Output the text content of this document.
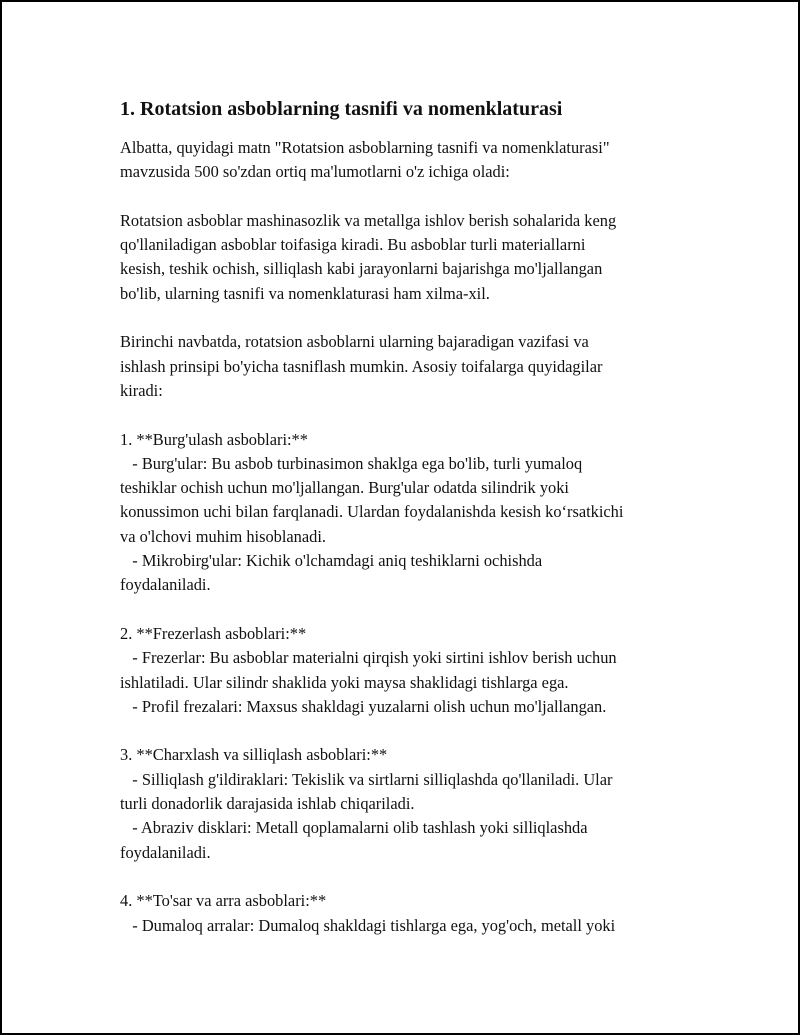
1. Rotatsion asboblarning tasnifi va nomenklaturasi
Albatta, quyidagi matn "Rotatsion asboblarning tasnifi va nomenklaturasi"
mavzusida 500 so'zdan ortiq ma'lumotlarni o'z ichiga oladi:
Rotatsion asboblar mashinasozlik va metallga ishlov berish sohalarida keng
qo'llaniladigan asboblar toifasiga kiradi. Bu asboblar turli materiallarni
kesish, teshik ochish, silliqlash kabi jarayonlarni bajarishga mo'ljallangan
bo'lib, ularning tasnifi va nomenklaturasi ham xilma-xil.
Birinchi navbatda, rotatsion asboblarni ularning bajaradigan vazifasi va
ishlash prinsipi bo'yicha tasniflash mumkin. Asosiy toifalarga quyidagilar
kiradi:
1. **Burg'ulash asboblari:**
- Burg'ular: Bu asbob turbinasimon shaklga ega bo'lib, turli yumaloq
teshiklar ochish uchun mo'ljallangan. Burg'ular odatda silindrik yoki
konussimon uchi bilan farqlanadi. Ulardan foydalanishda kesish koʻrsatkichi
va o'lchovi muhim hisoblanadi.
- Mikrobirg'ular: Kichik o'lchamdagi aniq teshiklarni ochishda
foydalaniladi.
2. **Frezerlash asboblari:**
- Frezerlar: Bu asboblar materialni qirqish yoki sirtini ishlov berish uchun
ishlatiladi. Ular silindr shaklida yoki maysa shaklidagi tishlarga ega.
- Profil frezalari: Maxsus shakldagi yuzalarni olish uchun mo'ljallangan.
3. **Charxlash va silliqlash asboblari:**
- Silliqlash g'ildiraklari: Tekislik va sirtlarni silliqlashda qo'llaniladi. Ular
turli donadorlik darajasida ishlab chiqariladi.
- Abraziv disklari: Metall qoplamalarni olib tashlash yoki silliqlashda
foydalaniladi.
4. **To'sar va arra asboblari:**
- Dumaloq arralar: Dumaloq shakldagi tishlarga ega, yog'och, metall yoki
